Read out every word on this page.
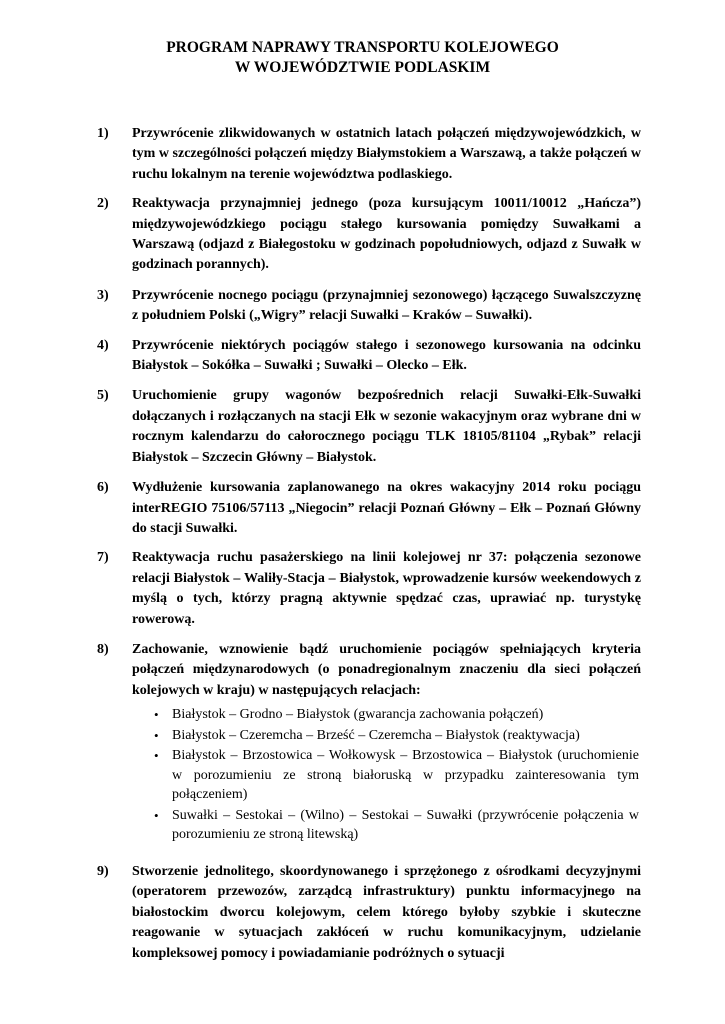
PROGRAM NAPRAWY TRANSPORTU KOLEJOWEGO
W WOJEWÓDZTWIE PODLASKIM
1)	Przywrócenie zlikwidowanych w ostatnich latach połączeń międzywojewódzkich, w tym w szczególności połączeń między Białymstokiem a Warszawą, a także połączeń w ruchu lokalnym na terenie województwa podlaskiego.
2)	Reaktywacja przynajmniej jednego (poza kursującym 10011/10012 „Hańcza”) międzywojewódzkiego pociągu stałego kursowania pomiędzy Suwałkami a Warszawą (odjazd z Białegostoku w godzinach popołudniowych, odjazd z Suwałk w godzinach porannych).
3)	Przywrócenie nocnego pociągu (przynajmniej sezonowego) łączącego Suwalszczyznę z południem Polski („Wigry” relacji Suwałki – Kraków – Suwałki).
4)	Przywrócenie niektórych pociągów stałego i sezonowego kursowania na odcinku Białystok – Sokółka – Suwałki ; Suwałki – Olecko – Ełk.
5)	Uruchomienie grupy wagonów bezpośrednich relacji Suwałki-Ełk-Suwałki dołączanych i rozłączanych na stacji Ełk w sezonie wakacyjnym oraz wybrane dni w rocznym kalendarzu do całorocznego pociągu TLK 18105/81104 „Rybak” relacji Białystok – Szczecin Główny – Białystok.
6)	Wydłużenie kursowania zaplanowanego na okres wakacyjny 2014 roku pociągu interREGIO 75106/57113 „Niegocin” relacji Poznań Główny – Ełk – Poznań Główny do stacji Suwałki.
7)	Reaktywacja ruchu pasażerskiego na linii kolejowej nr 37: połączenia sezonowe relacji Białystok – Waliły-Stacja – Białystok, wprowadzenie kursów weekendowych z myślą o tych, którzy pragną aktywnie spędzać czas, uprawiać np. turystykę rowerową.
8)	Zachowanie, wznowienie bądź uruchomienie pociągów spełniających kryteria połączeń międzynarodowych (o ponadregionalnym znaczeniu dla sieci połączeń kolejowych w kraju) w następujących relacjach:
• Białystok – Grodno – Białystok (gwarancja zachowania połączeń)
• Białystok – Czeremcha – Brześć – Czeremcha – Białystok (reaktywacja)
• Białystok – Brzostowica – Wołkowysk – Brzostowica – Białystok (uruchomienie w porozumieniu ze stroną białoruską w przypadku zainteresowania tym połączeniem)
• Suwałki – Sestokai – (Wilno) – Sestokai – Suwałki (przywrócenie połączenia w porozumieniu ze stroną litewską)
9)	Stworzenie jednolitego, skoordynowanego i sprzężonego z ośrodkami decyzyjnymi (operatorem przewozów, zarządcą infrastruktury) punktu informacyjnego na białostockim dworcu kolejowym, celem którego byłoby szybkie i skuteczne reagowanie w sytuacjach zakłóceń w ruchu komunikacyjnym, udzielanie kompleksowej pomocy i powiadamianie podróżnych o sytuacji
